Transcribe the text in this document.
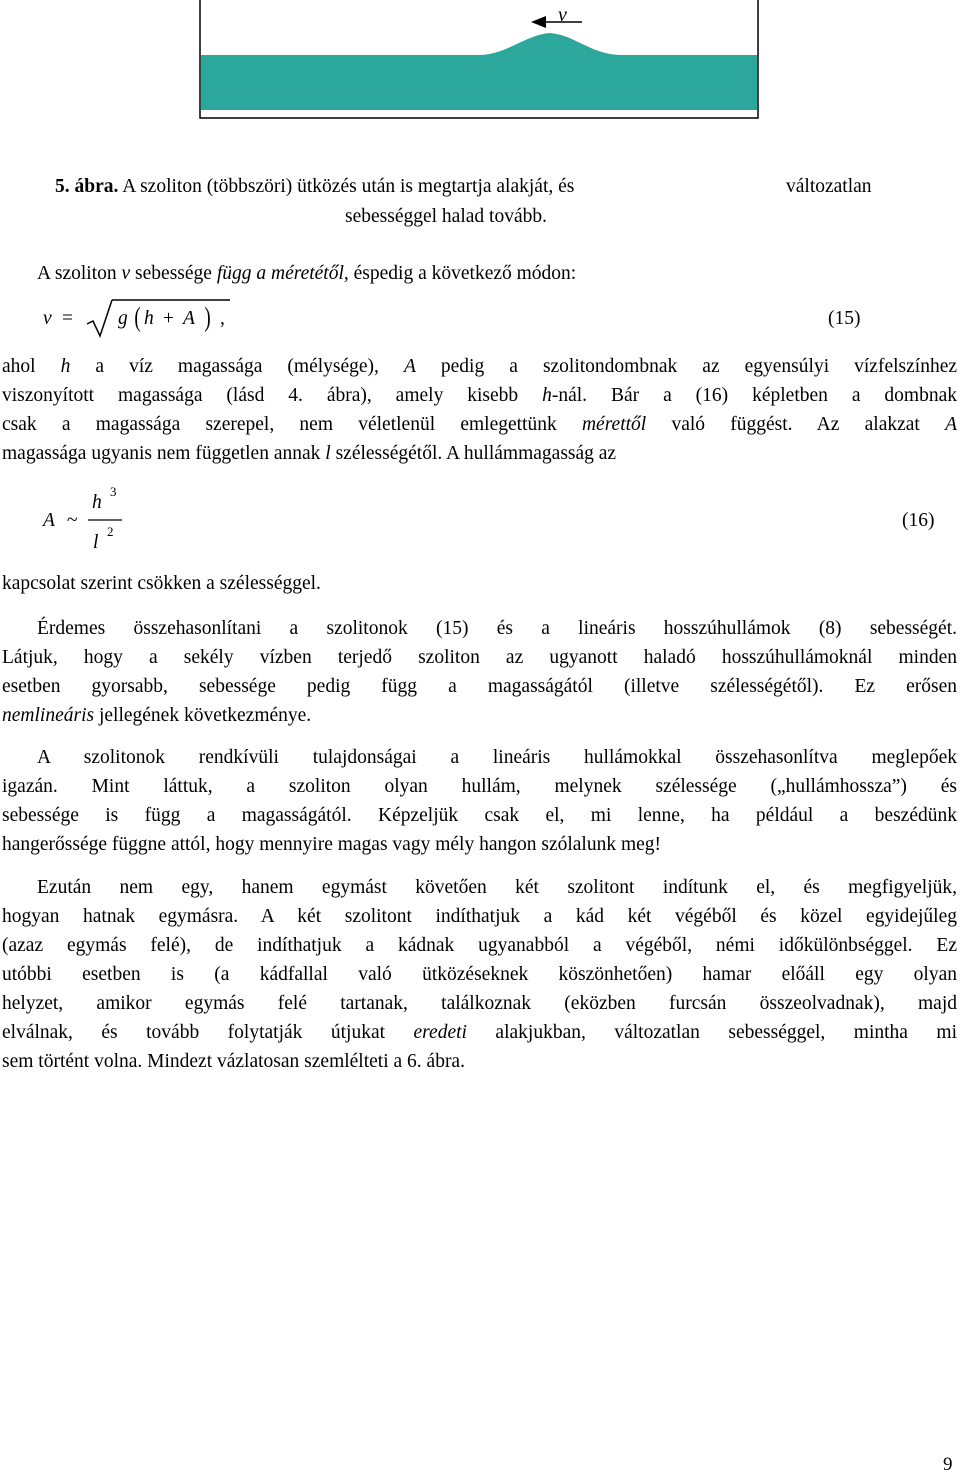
v
5. ábra. A szoliton (többszöri) ütközés után is megtartja alakját, és	változatlan
sebességgel halad tovább.
A szoliton v sebessége függ a méretétől, éspedig a következő módon:
v = g ( h + A ) ,	(15)
ahol h a víz magassága (mélysége), A pedig a szolitondombnak az egyensúlyi vízfelszínhez
viszonyított magassága (lásd 4. ábra), amely kisebb h-nál. Bár a (16) képletben a dombnak
csak a magassága szerepel, nem véletlenül emlegettünk mérettől való függést. Az alakzat A
magassága ugyanis nem független annak l szélességétől. A hullámmagasság az
A ~
h
3
l
2
(16)
kapcsolat szerint csökken a szélességgel.
Érdemes összehasonlítani a szolitonok (15) és a lineáris hosszúhullámok (8) sebességét.
Látjuk, hogy a sekély vízben terjedő szoliton az ugyanott haladó hosszúhullámoknál minden
esetben gyorsabb, sebessége pedig függ a magasságától (illetve szélességétől). Ez erősen
nemlineáris jellegének következménye.
A szolitonok rendkívüli tulajdonságai a lineáris hullámokkal összehasonlítva meglepőek
igazán. Mint láttuk, a szoliton olyan hullám, melynek szélessége („hullámhossza”) és
sebessége is függ a magasságától. Képzeljük csak el, mi lenne, ha például a beszédünk
hangerőssége függne attól, hogy mennyire magas vagy mély hangon szólalunk meg!
Ezután nem egy, hanem egymást követően két szolitont indítunk el, és megfigyeljük,
hogyan hatnak egymásra. A két szolitont indíthatjuk a kád két végéből és közel egyidejűleg
(azaz egymás felé), de indíthatjuk a kádnak ugyanabból a végéből, némi időkülönbséggel. Ez
utóbbi esetben is (a kádfallal való ütközéseknek köszönhetően) hamar előáll egy olyan
helyzet, amikor egymás felé tartanak, találkoznak (eközben furcsán összeolvadnak), majd
elválnak, és tovább folytatják útjukat eredeti alakjukban, változatlan sebességgel, mintha mi
sem történt volna. Mindezt vázlatosan szemlélteti a 6. ábra.
9
